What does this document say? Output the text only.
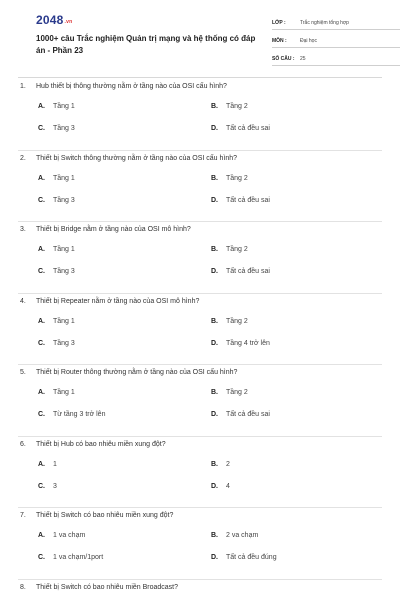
2048.vn
1000+ câu Trắc nghiệm Quản trị mạng và hệ thống có đáp án - Phần 23
LỚP :	Trắc nghiệm tổng hợp
MÔN :	Đại học
SỐ CÂU :	25
1. Hub thiết bị thông thường nằm ở tầng nào của OSI cấu hình?
A. Tầng 1	B. Tầng 2
C. Tầng 3	D. Tất cả đều sai
2. Thiết bị Switch thông thường nằm ở tầng nào của OSI cấu hình?
A. Tầng 1	B. Tầng 2
C. Tầng 3	D. Tất cả đều sai
3. Thiết bị Bridge nằm ở tầng nào của OSI mô hình?
A. Tầng 1	B. Tầng 2
C. Tầng 3	D. Tất cả đều sai
4. Thiết bị Repeater nằm ở tầng nào của OSI mô hình?
A. Tầng 1	B. Tầng 2
C. Tầng 3	D. Tầng 4 trở lên
5. Thiết bị Router thông thường nằm ở tầng nào của OSI cấu hình?
A. Tầng 1	B. Tầng 2
C. Từ tầng 3 trở lên	D. Tất cả đều sai
6. Thiết bị Hub có bao nhiêu miền xung đột?
A. 1	B. 2
C. 3	D. 4
7. Thiết bị Switch có bao nhiêu miền xung đột?
A. 1 va chạm	B. 2 va chạm
C. 1 va chạm/1port	D. Tất cả đều đúng
8. Thiết bị Switch có bao nhiêu miền Broadcast?
